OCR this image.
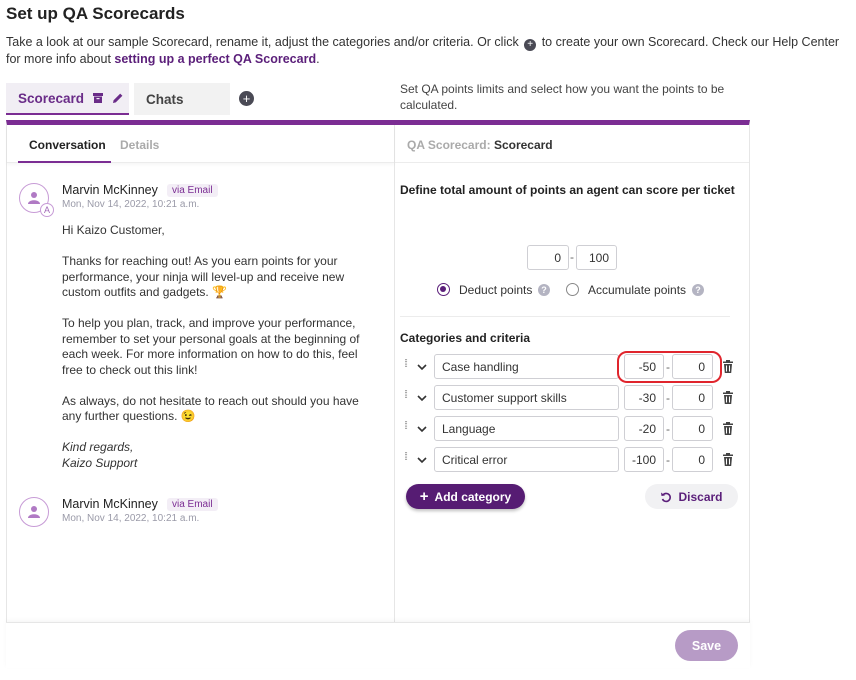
Set up QA Scorecards
Take a look at our sample Scorecard, rename it, adjust the categories and/or criteria. Or click + to create your own Scorecard. Check our Help Center for more info about setting up a perfect QA Scorecard.
Scorecard	Chats	+
Conversation Details	QA Scorecard: Scorecard
A
Marvin McKinney	via Email
Mon, Nov 14, 2022, 10:21 a.m.

Hi Kaizo Customer,

Thanks for reaching out! As you earn points for your performance, your ninja will level-up and receive new custom outfits and gadgets. 🏆

To help you plan, track, and improve your performance, remember to set your personal goals at the beginning of each week. For more information on how to do this, feel free to check out this link!

As always, do not hesitate to reach out should you have any further questions. 😉

Kind regards,

Kaizo Support

Marvin McKinney	via Email
Mon, Nov 14, 2022, 10:21 a.m.
Define total amount of points an agent can score per ticket
Set QA points limits and select how you want the points to be calculated.
0 -	100
Deduct points ?	Accumulate points	?
Categories and criteria
⁞⁞	Case handling	-50 -	0
⁞⁞	Customer support skills	-30 -	0
⁞⁞	Language	-20 -	0
⁞⁞	Critical error	-100 -	0
+ Add category	Discard
Save
